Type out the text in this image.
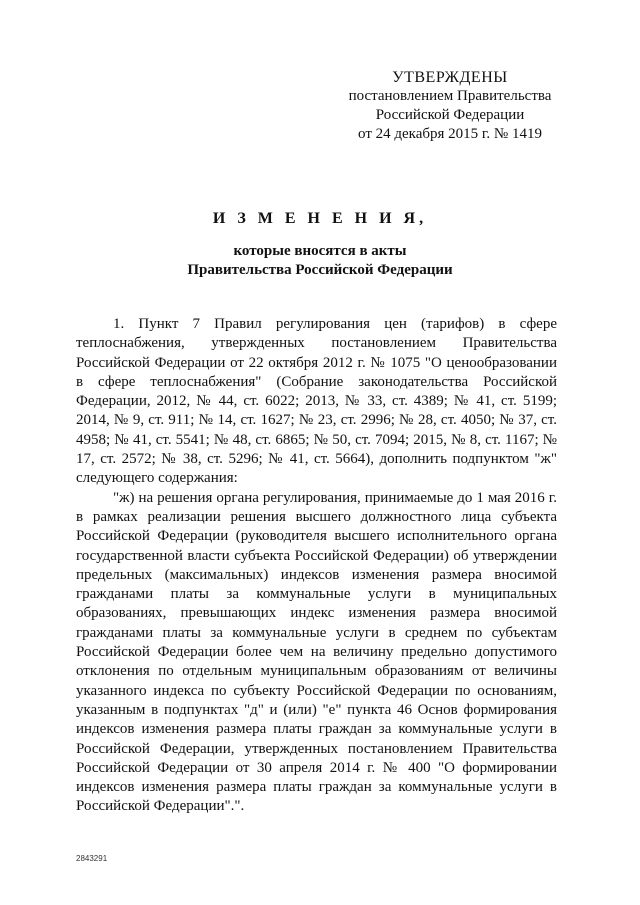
УТВЕРЖДЕНЫ
постановлением Правительства
Российской Федерации
от 24 декабря 2015 г. № 1419
И З М Е Н Е Н И Я,
которые вносятся в акты
Правительства Российской Федерации

1. Пункт 7 Правил регулирования цен (тарифов) в сфере теплоснабжения, утвержденных постановлением Правительства Российской Федерации от 22 октября 2012 г. № 1075 "О ценообразовании в сфере теплоснабжения" (Собрание законодательства Российской Федерации, 2012, № 44, ст. 6022; 2013, № 33, ст. 4389; № 41, ст. 5199; 2014, № 9, ст. 911; № 14, ст. 1627; № 23, ст. 2996; № 28, ст. 4050; № 37, ст. 4958; № 41, ст. 5541; № 48, ст. 6865; № 50, ст. 7094; 2015, № 8, ст. 1167; № 17, ст. 2572; № 38, ст. 5296; № 41, ст. 5664), дополнить подпунктом "ж" следующего содержания:

"ж) на решения органа регулирования, принимаемые до 1 мая 2016 г. в рамках реализации решения высшего должностного лица субъекта Российской Федерации (руководителя высшего исполнительного органа государственной власти субъекта Российской Федерации) об утверждении предельных (максимальных) индексов изменения размера вносимой гражданами платы за коммунальные услуги в муниципальных образованиях, превышающих индекс изменения размера вносимой гражданами платы за коммунальные услуги в среднем по субъектам Российской Федерации более чем на величину предельно допустимого отклонения по отдельным муниципальным образованиям от величины указанного индекса по субъекту Российской Федерации по основаниям, указанным в подпунктах "д" и (или) "е" пункта 46 Основ формирования индексов изменения размера платы граждан за коммунальные услуги в Российской Федерации, утвержденных постановлением Правительства Российской Федерации от 30 апреля 2014 г. № 400 "О формировании индексов изменения размера платы граждан за коммунальные услуги в Российской Федерации".".

2843291
